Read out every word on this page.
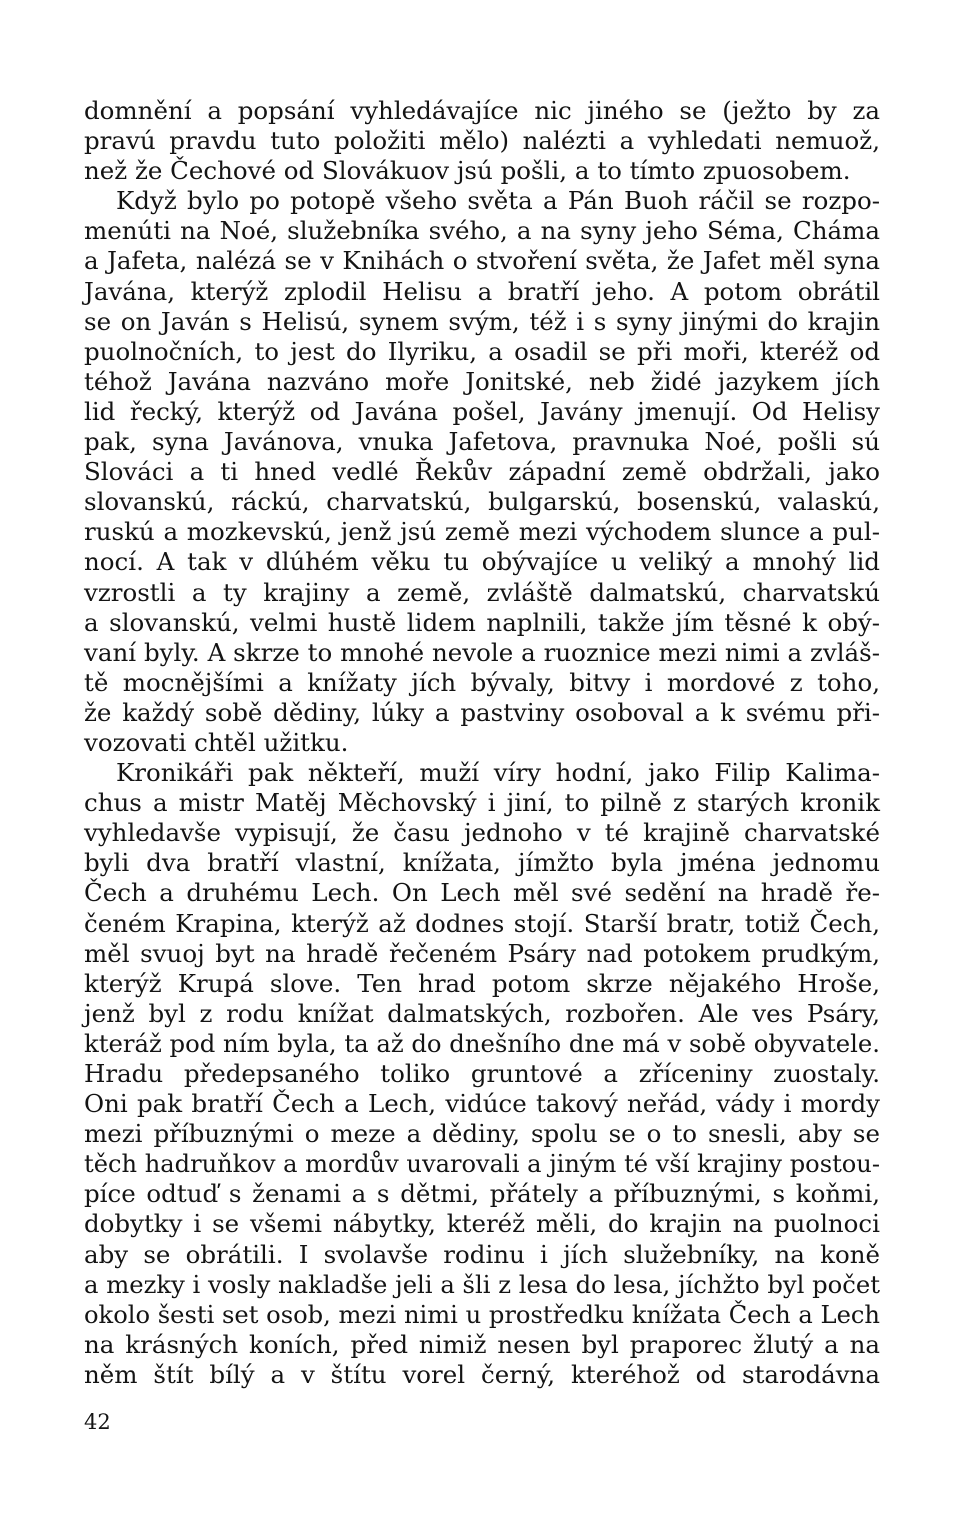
domnění a popsání vyhledávajíce nic jiného se (ježto by za
pravú pravdu tuto položiti mělo) nalézti a vyhledati nemuož,
než že Čechové od Slovákuov jsú pošli, a to tímto zpuosobem.
Když bylo po potopě všeho světa a Pán Buoh ráčil se rozpo-
menúti na Noé, služebníka svého, a na syny jeho Séma, Cháma
a Jafeta, nalézá se v Knihách o stvoření světa, že Jafet měl syna
Javána, kterýž zplodil Helisu a bratří jeho. A potom obrátil
se on Javán s Helisú, synem svým, též i s syny jinými do krajin
puolnočních, to jest do Ilyriku, a osadil se při moři, kteréž od
téhož Javána nazváno moře Jonitské, neb židé jazykem jích
lid řecký, kterýž od Javána pošel, Javány jmenují. Od Helisy
pak, syna Javánova, vnuka Jafetova, pravnuka Noé, pošli sú
Slováci a ti hned vedlé Řekův západní země obdržali, jako
slovanskú, ráckú, charvatskú, bulgarskú, bosenskú, valaskú,
ruskú a mozkevskú, jenž jsú země mezi východem slunce a pul-
nocí. A tak v dlúhém věku tu obývajíce u veliký a mnohý lid
vzrostli a ty krajiny a země, zvláště dalmatskú, charvatskú
a slovanskú, velmi hustě lidem naplnili, takže jím těsné k obý-
vaní byly. A skrze to mnohé nevole a ruoznice mezi nimi a zvláš-
tě mocnějšími a knížaty jích bývaly, bitvy i mordové z toho,
že každý sobě dědiny, lúky a pastviny osoboval a k svému při-
vozovati chtěl užitku.
Kronikáři pak někteří, muží víry hodní, jako Filip Kalima-
chus a mistr Matěj Měchovský i jiní, to pilně z starých kronik
vyhledavše vypisují, že času jednoho v té krajině charvatské
byli dva bratří vlastní, knížata, jímžto byla jména jednomu
Čech a druhému Lech. On Lech měl své sedění na hradě ře-
čeném Krapina, kterýž až dodnes stojí. Starší bratr, totiž Čech,
měl svuoj byt na hradě řečeném Psáry nad potokem prudkým,
kterýž Krupá slove. Ten hrad potom skrze nějakého Hroše,
jenž byl z rodu knížat dalmatských, rozbořen. Ale ves Psáry,
kteráž pod ním byla, ta až do dnešního dne má v sobě obyvatele.
Hradu předepsaného toliko gruntové a zříceniny zuostaly.
Oni pak bratří Čech a Lech, vidúce takový neřád, vády i mordy
mezi příbuznými o meze a dědiny, spolu se o to snesli, aby se
těch hadruňkov a mordův uvarovali a jiným té vší krajiny postou-
píce odtuď s ženami a s dětmi, přátely a příbuznými, s koňmi,
dobytky i se všemi nábytky, kteréž měli, do krajin na puolnoci
aby se obrátili. I svolavše rodinu i jích služebníky, na koně
a mezky i vosly nakladše jeli a šli z lesa do lesa, jíchžto byl počet
okolo šesti set osob, mezi nimi u prostředku knížata Čech a Lech
na krásných koních, před nimiž nesen byl praporec žlutý a na
něm štít bílý a v štítu vorel černý, kteréhož od starodávna
42
